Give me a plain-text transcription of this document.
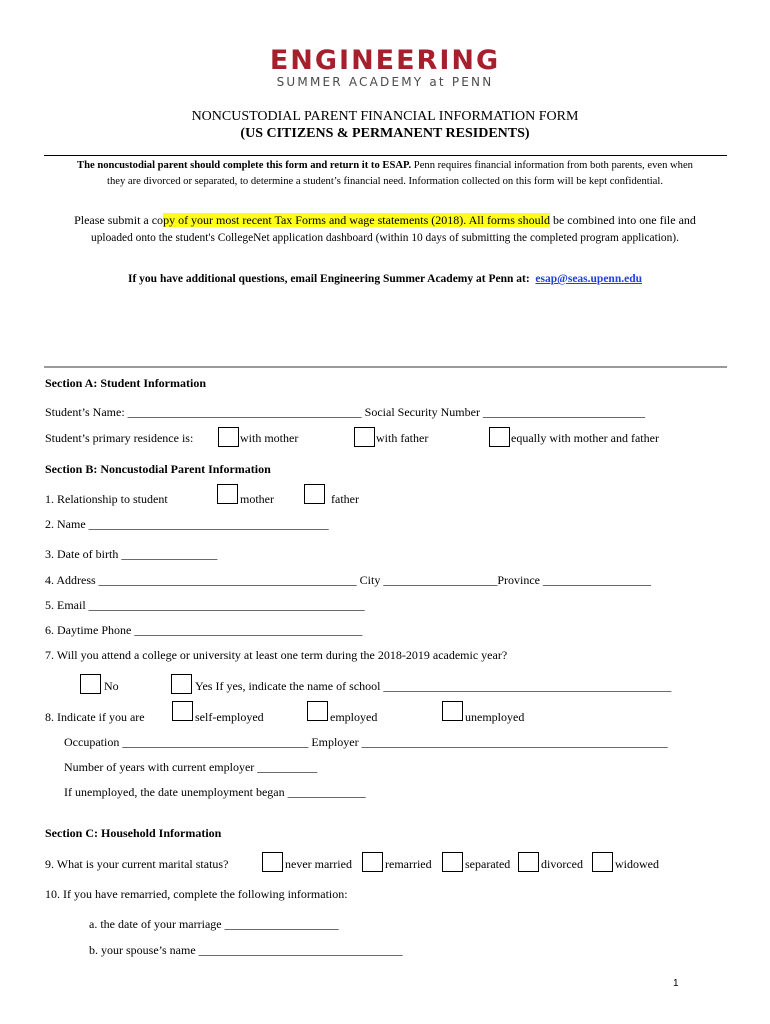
ENGINEERING
SUMMER ACADEMY at PENN
NONCUSTODIAL PARENT FINANCIAL INFORMATION FORM
(US CITIZENS & PERMANENT RESIDENTS)
The noncustodial parent should complete this form and return it to ESAP. Penn requires financial information from both parents, even when
they are divorced or separated, to determine a student’s financial need. Information collected on this form will be kept confidential.
Please submit a copy of your most recent Tax Forms and wage statements (2018). All forms should be combined into one file and
uploaded onto the student's CollegeNet application dashboard (within 10 days of submitting the completed program application).
If you have additional questions, email Engineering Summer Academy at Penn at: esap@seas.upenn.edu
Section A: Student Information
Student’s Name: _______________________________________ Social Security Number ___________________________
Student’s primary residence is:	with mother	with father	equally with mother and father
Section B: Noncustodial Parent Information
1. Relationship to student	mother	father
2. Name ________________________________________
3. Date of birth ________________
4. Address ___________________________________________ City ___________________Province __________________
5. Email ______________________________________________
6. Daytime Phone ______________________________________
7. Will you attend a college or university at least one term during the 2018-2019 academic year?
No	Yes If yes, indicate the name of school ________________________________________________
8. Indicate if you are	self-employed	employed	unemployed
Occupation _______________________________ Employer ___________________________________________________
Number of years with current employer __________
If unemployed, the date unemployment began _____________
Section C: Household Information
9. What is your current marital status?	never married	remarried	separated	divorced	widowed
10. If you have remarried, complete the following information:
a. the date of your marriage ___________________
b. your spouse’s name __________________________________
1
